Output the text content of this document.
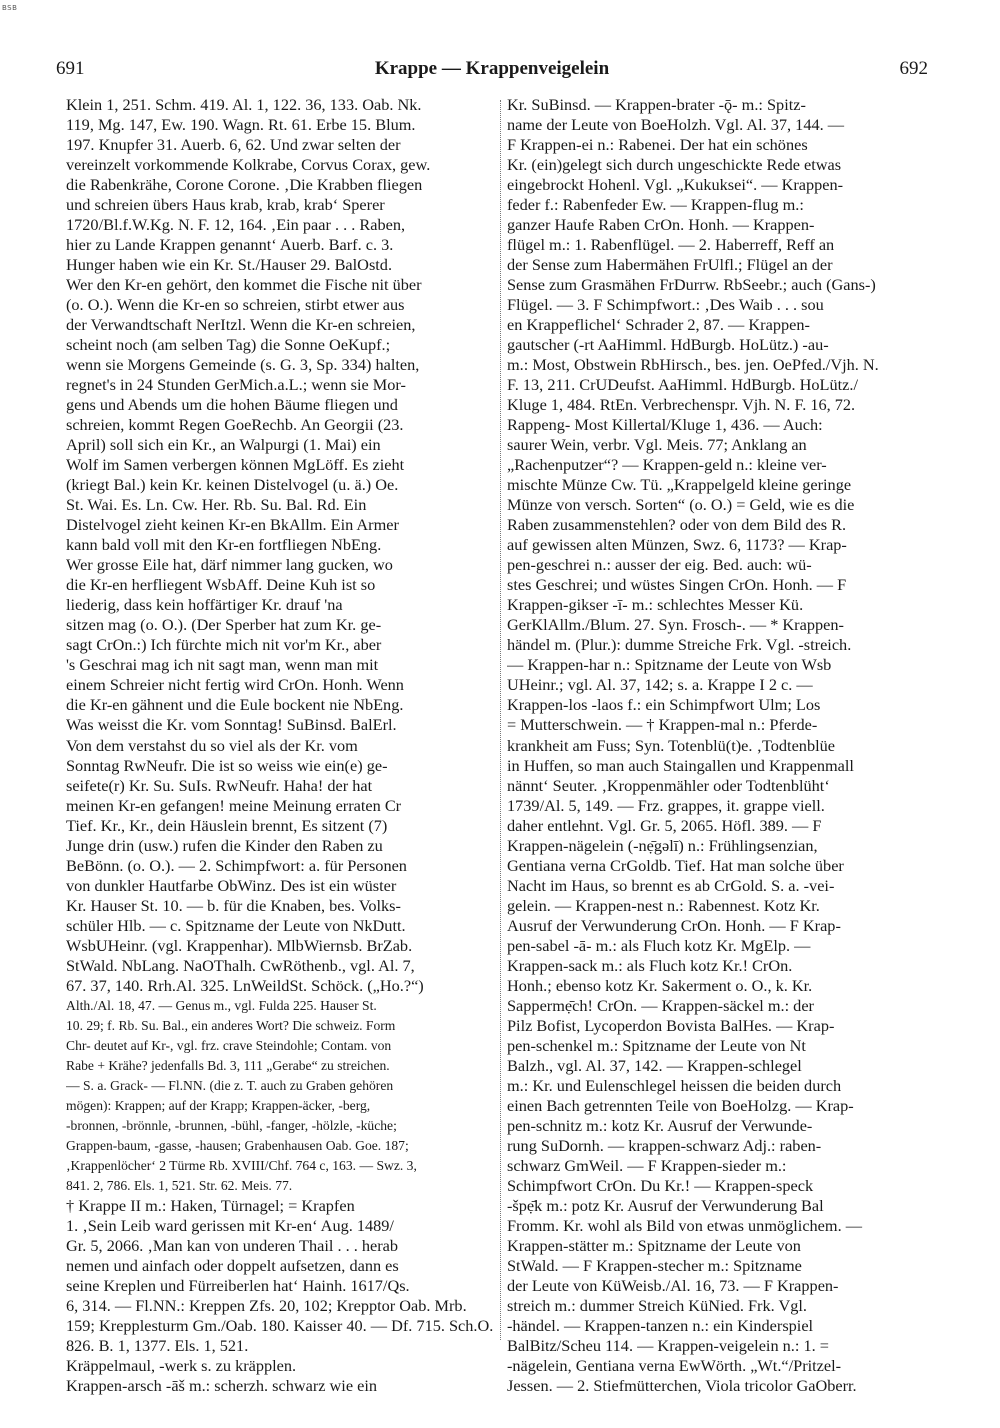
BSB
691	Krappe — Krappenveigelein	692
Klein 1, 251. Schm. 419. Al. 1, 122. 36, 133. Oab. Nk.
119, Mg. 147, Ew. 190. Wagn. Rt. 61. Erbe 15. Blum.
197. Knupfer 31. Auerb. 6, 62. Und zwar selten der
vereinzelt vorkommende Kolkrabe, Corvus Corax, gew.
die Rabenkrähe, Corone Corone. ‚Die Krabben fliegen
und schreien übers Haus krab, krab, krab‘ Sperer
1720/Bl.f.W.Kg. N. F. 12, 164. ‚Ein paar . . . Raben,
hier zu Lande Krappen genannt‘ Auerb. Barf. c. 3.
Hunger haben wie ein Kr. St./Hauser 29. BalOstd.
Wer den Kr-en gehört, den kommet die Fische nit über
(o. O.). Wenn die Kr-en so schreien, stirbt etwer aus
der Verwandtschaft NerItzl. Wenn die Kr-en schreien,
scheint noch (am selben Tag) die Sonne OeKupf.;
wenn sie Morgens Gemeinde (s. G. 3, Sp. 334) halten,
regnet's in 24 Stunden GerMich.a.L.; wenn sie Mor-
gens und Abends um die hohen Bäume fliegen und
schreien, kommt Regen GoeRechb. An Georgii (23.
April) soll sich ein Kr., an Walpurgi (1. Mai) ein
Wolf im Samen verbergen können MgLöff. Es zieht
(kriegt Bal.) kein Kr. keinen Distelvogel (u. ä.) Oe.
St. Wai. Es. Ln. Cw. Her. Rb. Su. Bal. Rd. Ein
Distelvogel zieht keinen Kr-en BkAllm. Ein Armer
kann bald voll mit den Kr-en fortfliegen NbEng.
Wer grosse Eile hat, därf nimmer lang gucken, wo
die Kr-en herfliegent WsbAff. Deine Kuh ist so
liederig, dass kein hoffärtiger Kr. drauf 'na
sitzen mag (o. O.). (Der Sperber hat zum Kr. ge-
sagt CrOn.:) Ich fürchte mich nit vor'm Kr., aber
's Geschrai mag ich nit sagt man, wenn man mit
einem Schreier nicht fertig wird CrOn. Honh. Wenn
die Kr-en gähnent und die Eule bockent nie NbEng.
Was weisst die Kr. vom Sonntag! SuBinsd. BalErl.
Von dem verstahst du so viel als der Kr. vom
Sonntag RwNeufr. Die ist so weiss wie ein(e) ge-
seifete(r) Kr. Su. SuIs. RwNeufr. Haha! der hat
meinen Kr-en gefangen! meine Meinung erraten Cr
Tief. Kr., Kr., dein Häuslein brennt, Es sitzent (7)
Junge drin (usw.) rufen die Kinder den Raben zu
BeBönn. (o. O.). — 2. Schimpfwort: a. für Personen
von dunkler Hautfarbe ObWinz. Des ist ein wüster
Kr. Hauser St. 10. — b. für die Knaben, bes. Volks-
schüler Hlb. — c. Spitzname der Leute von NkDutt.
WsbUHeinr. (vgl. Krappenhar). MlbWiernsb. BrZab.
StWald. NbLang. NaOThalh. CwRöthenb., vgl. Al. 7,
67. 37, 140. Rrh.Al. 325. LnWeildSt. Schöck. („Ho.?“)
Alth./Al. 18, 47. — Genus m., vgl. Fulda 225. Hauser St.
10. 29; f. Rb. Su. Bal., ein anderes Wort? Die schweiz. Form
Chr- deutet auf Kr-, vgl. frz. crave Steindohle; Contam. von
Rabe + Krähe? jedenfalls Bd. 3, 111 „Gerabe“ zu streichen.
— S. a. Grack- — Fl.NN. (die z. T. auch zu Graben gehören
mögen): Krappen; auf der Krapp; Krappen-äcker, -berg,
-bronnen, -brönnle, -brunnen, -bühl, -fanger, -hölzle, -küche;
Grappen-baum, -gasse, -hausen; Grabenhausen Oab. Goe. 187;
‚Krappenlöcher‘ 2 Türme Rb. XVIII/Chf. 764 c, 163. — Swz. 3,
841. 2, 786. Els. 1, 521. Str. 62. Meis. 77.
† Krappe II m.: Haken, Türnagel; = Krapfen
1. ‚Sein Leib ward gerissen mit Kr-en‘ Aug. 1489/
Gr. 5, 2066. ‚Man kan von underen Thail . . . herab
nemen und ainfach oder doppelt aufsetzen, dann es
seine Kreplen und Fürreiberlen hat‘ Hainh. 1617/Qs.
6, 314. — Fl.NN.: Kreppen Zfs. 20, 102; Krepptor Oab. Mrb.
159; Krepplesturm Gm./Oab. 180. Kaisser 40. — Df. 715. Sch.O.
826. B. 1, 1377. Els. 1, 521.
Kräppelmaul, -werk s. zu kräpplen.
Krappen-arsch -āš m.: scherzh. schwarz wie ein
Kr. SuBinsd. — Krappen-brater -ǭ- m.: Spitz-
name der Leute von BoeHolzh. Vgl. Al. 37, 144. —
F Krappen-ei n.: Rabenei. Der hat ein schönes
Kr. (ein)gelegt sich durch ungeschickte Rede etwas
eingebrockt Hohenl. Vgl. „Kukuksei“. — Krappen-
feder f.: Rabenfeder Ew. — Krappen-flug m.:
ganzer Haufe Raben CrOn. Honh. — Krappen-
flügel m.: 1. Rabenflügel. — 2. Haberreff, Reff an
der Sense zum Habermähen FrUlfl.; Flügel an der
Sense zum Grasmähen FrDurrw. RbSeebr.; auch (Gans-)
Flügel. — 3. F Schimpfwort.: ‚Des Waib . . . sou
en Krappeflichel‘ Schrader 2, 87. — Krappen-
gautscher (-rt AaHimml. HdBurgb. HoLütz.) -au-
m.: Most, Obstwein RbHirsch., bes. jen. OePfed./Vjh. N.
F. 13, 211. CrUDeufst. AaHimml. HdBurgb. HoLütz./
Kluge 1, 484. RtEn. Verbrechenspr. Vjh. N. F. 16, 72.
Rappeng- Most Killertal/Kluge 1, 436. — Auch:
saurer Wein, verbr. Vgl. Meis. 77; Anklang an
„Rachenputzer“? — Krappen-geld n.: kleine ver-
mischte Münze Cw. Tü. „Krappelgeld kleine geringe
Münze von versch. Sorten“ (o. O.) = Geld, wie es die
Raben zusammenstehlen? oder von dem Bild des R.
auf gewissen alten Münzen, Swz. 6, 1173? — Krap-
pen-geschrei n.: ausser der eig. Bed. auch: wü-
stes Geschrei; und wüstes Singen CrOn. Honh. — F
Krappen-gikser -ī- m.: schlechtes Messer Kü.
GerKlAllm./Blum. 27. Syn. Frosch-. — * Krappen-
händel m. (Plur.): dumme Streiche Frk. Vgl. -streich.
— Krappen-har n.: Spitzname der Leute von Wsb
UHeinr.; vgl. Al. 37, 142; s. a. Krappe I 2 c. —
Krappen-los -laos f.: ein Schimpfwort Ulm; Los
= Mutterschwein. — † Krappen-mal n.: Pferde-
krankheit am Fuss; Syn. Totenblü(t)e. ‚Todtenblüe
in Huffen, so man auch Staingallen und Krappenmall
nännt‘ Seuter. ‚Kroppenmähler oder Todtenblüht‘
1739/Al. 5, 149. — Frz. grappes, it. grappe viell.
daher entlehnt. Vgl. Gr. 5, 2065. Höfl. 389. — F
Krappen-nägelein (-nẹ̄gəlī) n.: Frühlingsenzian,
Gentiana verna CrGoldb. Tief. Hat man solche über
Nacht im Haus, so brennt es ab CrGold. S. a. -vei-
gelein. — Krappen-nest n.: Rabennest. Kotz Kr.
Ausruf der Verwunderung CrOn. Honh. — F Krap-
pen-sabel -ā- m.: als Fluch kotz Kr. MgElp. —
Krappen-sack m.: als Fluch kotz Kr.! CrOn.
Honh.; ebenso kotz Kr. Sakerment o. O., k. Kr.
Sappermẹ̄ch! CrOn. — Krappen-säckel m.: der
Pilz Bofist, Lycoperdon Bovista BalHes. — Krap-
pen-schenkel m.: Spitzname der Leute von Nt
Balzh., vgl. Al. 37, 142. — Krappen-schlegel
m.: Kr. und Eulenschlegel heissen die beiden durch
einen Bach getrennten Teile von BoeHolzg. — Krap-
pen-schnitz m.: kotz Kr. Ausruf der Verwunde-
rung SuDornh. — krappen-schwarz Adj.: raben-
schwarz GmWeil. — F Krappen-sieder m.:
Schimpfwort CrOn. Du Kr.! — Krappen-speck
-špẹ̄k m.: potz Kr. Ausruf der Verwunderung Bal
Fromm. Kr. wohl als Bild von etwas unmöglichem. —
Krappen-stätter m.: Spitzname der Leute von
StWald. — F Krappen-stecher m.: Spitzname
der Leute von KüWeisb./Al. 16, 73. — F Krappen-
streich m.: dummer Streich KüNied. Frk. Vgl.
-händel. — Krappen-tanzen n.: ein Kinderspiel
BalBitz/Scheu 114. — Krappen-veigelein n.: 1. =
-nägelein, Gentiana verna EwWörth. „Wt.“/Pritzel-
Jessen. — 2. Stiefmütterchen, Viola tricolor GaOberr.
